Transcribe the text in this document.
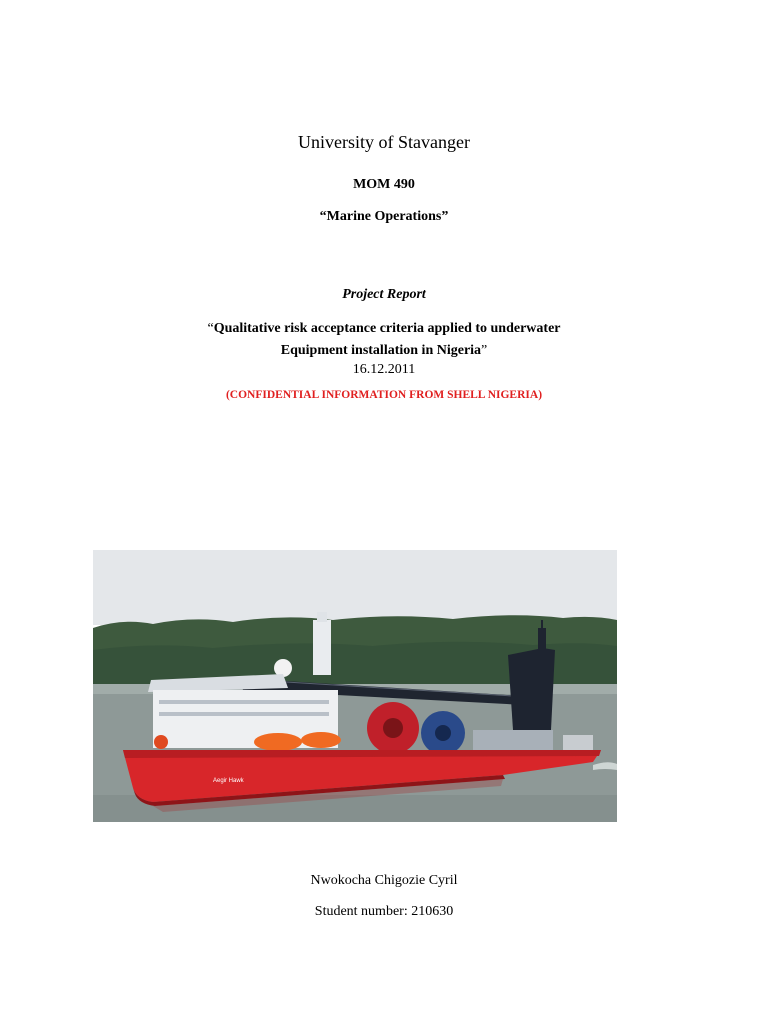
University of Stavanger
MOM 490
“Marine Operations”
Project Report
“Qualitative risk acceptance criteria applied to underwater
Equipment installation in Nigeria”
16.12.2011
(CONFIDENTIAL INFORMATION FROM SHELL NIGERIA)
Aegir Hawk
Nwokocha Chigozie Cyril
Student number: 210630
